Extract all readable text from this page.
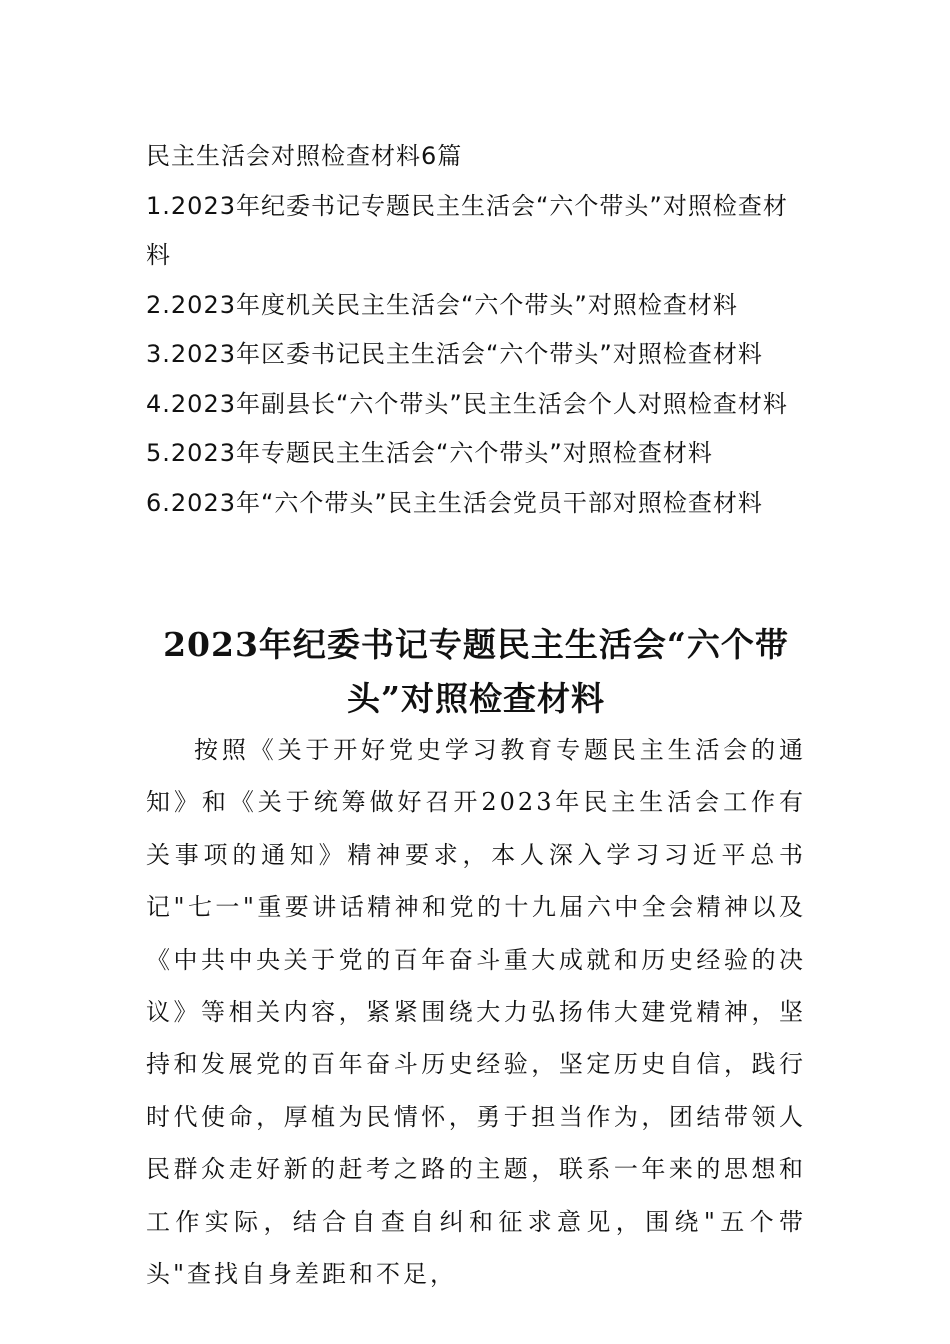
民主生活会对照检查材料6篇
1.2023年纪委书记专题民主生活会“六个带头”对照检查材料
2.2023年度机关民主生活会“六个带头”对照检查材料
3.2023年区委书记民主生活会“六个带头”对照检查材料
4.2023年副县长“六个带头”民主生活会个人对照检查材料
5.2023年专题民主生活会“六个带头”对照检查材料
6.2023年“六个带头”民主生活会党员干部对照检查材料
2023年纪委书记专题民主生活会“六个带头”对照检查材料

按照《关于开好党史学习教育专题民主生活会的通知》和《关于统筹做好召开2023年民主生活会工作有关事项的通知》精神要求，本人深入学习习近平总书记"七一"重要讲话精神和党的十九届六中全会精神以及《中共中央关于党的百年奋斗重大成就和历史经验的决议》等相关内容，紧紧围绕大力弘扬伟大建党精神，坚持和发展党的百年奋斗历史经验，坚定历史自信，践行时代使命，厚植为民情怀，勇于担当作为，团结带领人民群众走好新的赶考之路的主题，联系一年来的思想和工作实际，结合自查自纠和征求意见，围绕"五个带头"查找自身差距和不足，
